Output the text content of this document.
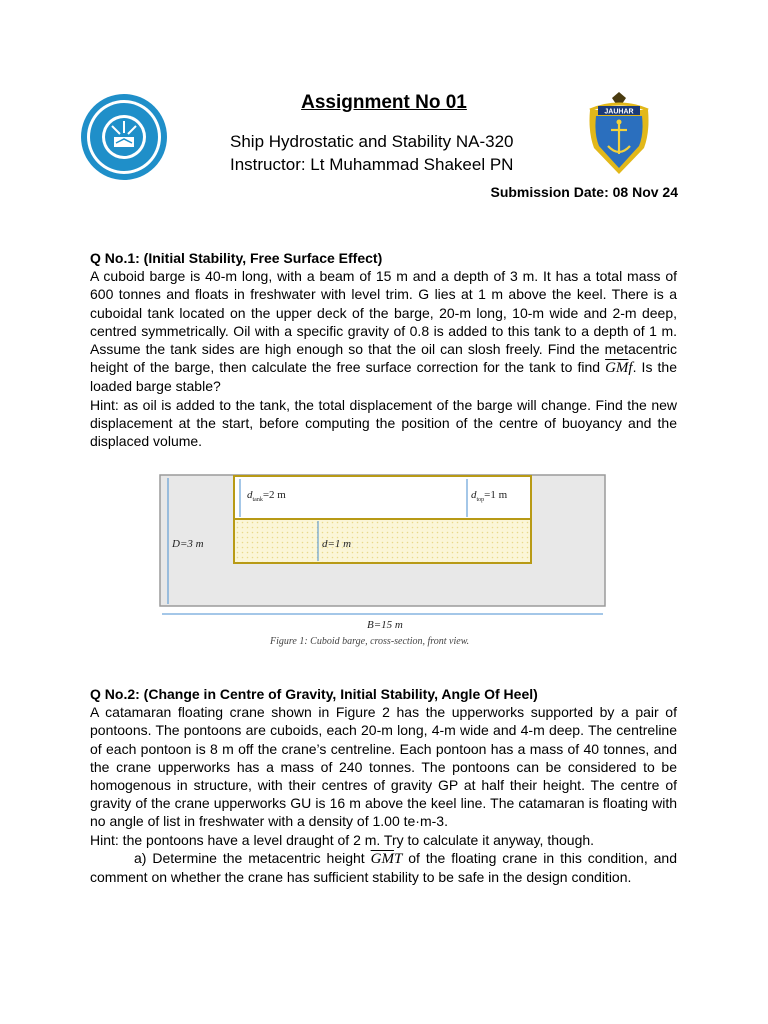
JAUHAR
Assignment No 01
Ship Hydrostatic and Stability NA-320
Instructor: Lt Muhammad Shakeel PN
Submission Date: 08 Nov 24
Q No.1: (Initial Stability, Free Surface Effect)
A cuboid barge is 40-m long, with a beam of 15 m and a depth of 3 m. It has a total mass of 600 tonnes and floats in freshwater with level trim. G lies at 1 m above the keel. There is a cuboidal tank located on the upper deck of the barge, 20-m long, 10-m wide and 2-m deep, centred symmetrically. Oil with a specific gravity of 0.8 is added to this tank to a depth of 1 m. Assume the tank sides are high enough so that the oil can slosh freely. Find the metacentric height of the barge, then calculate the free surface correction for the tank to find $\overline{GM}f$. Is the loaded barge stable?
Hint: as oil is added to the tank, the total displacement of the barge will change. Find the new displacement at the start, before computing the position of the centre of buoyancy and the displaced volume.
$d_{tank}=2$ m	$d_{top}=1$ m
D=3 m	d=1 m
B=15 m
Figure 1: Cuboid barge, cross-section, front view.
Q No.2: (Change in Centre of Gravity, Initial Stability, Angle Of Heel)
A catamaran floating crane shown in Figure 2 has the upperworks supported by a pair of pontoons. The pontoons are cuboids, each 20-m long, 4-m wide and 4-m deep. The centreline of each pontoon is 8 m off the crane’s centreline. Each pontoon has a mass of 40 tonnes, and the crane upperworks has a mass of 240 tonnes. The pontoons can be considered to be homogenous in structure, with their centres of gravity GP at half their height. The centre of gravity of the crane upperworks GU is 16 m above the keel line. The catamaran is floating with no angle of list in freshwater with a density of 1.00 te·m-3.
Hint: the pontoons have a level draught of 2 m. Try to calculate it anyway, though.
a) Determine the metacentric height $\overline{GM}T$ of the floating crane in this condition, and comment on whether the crane has sufficient stability to be safe in the design condition.
